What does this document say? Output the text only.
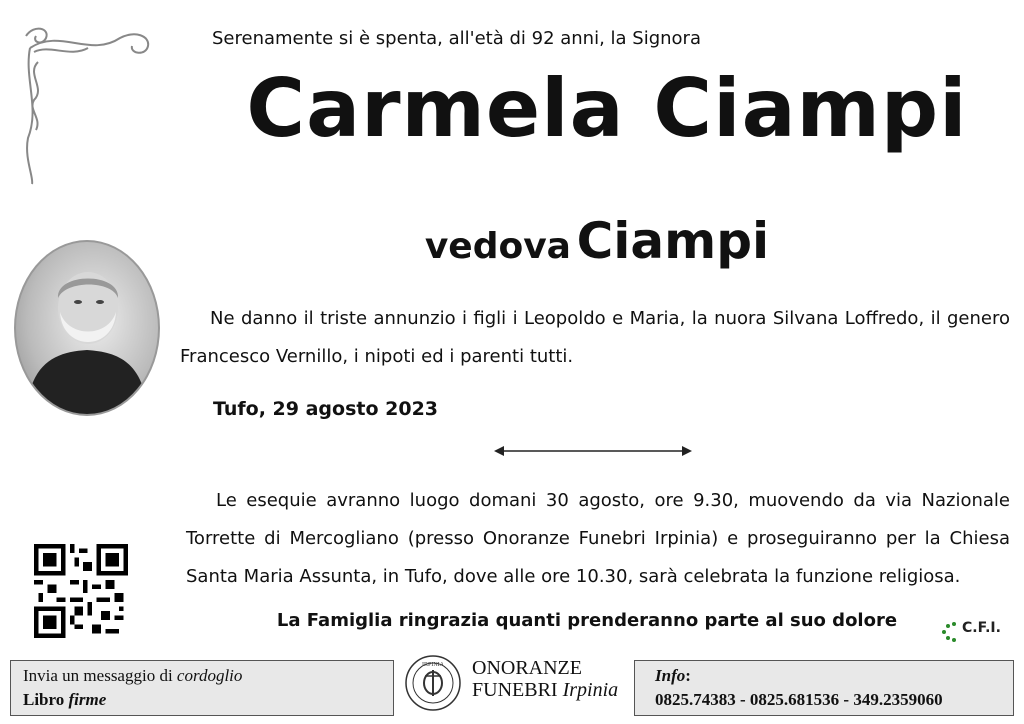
Serenamente si è spenta, all'età di 92 anni, la Signora
Carmela Ciampi
vedova Ciampi
Ne danno il triste annunzio i figli i Leopoldo e Maria, la nuora Silvana Loffredo, il genero Francesco Vernillo, i nipoti ed i parenti tutti.
Tufo, 29 agosto 2023
Le esequie avranno luogo domani 30 agosto, ore 9.30, muovendo da via Nazionale Torrette di Mercogliano (presso Onoranze Funebri Irpinia) e proseguiranno per la Chiesa Santa Maria Assunta, in Tufo, dove alle ore 10.30, sarà celebrata la funzione religiosa.
La Famiglia ringrazia quanti prenderanno parte al suo dolore	C.F.I.
Invia un messaggio di cordoglio
Libro firme
IRPINIA ONORANZE
FUNEBRI Irpinia
Info:
0825.74383 - 0825.681536 - 349.2359060
